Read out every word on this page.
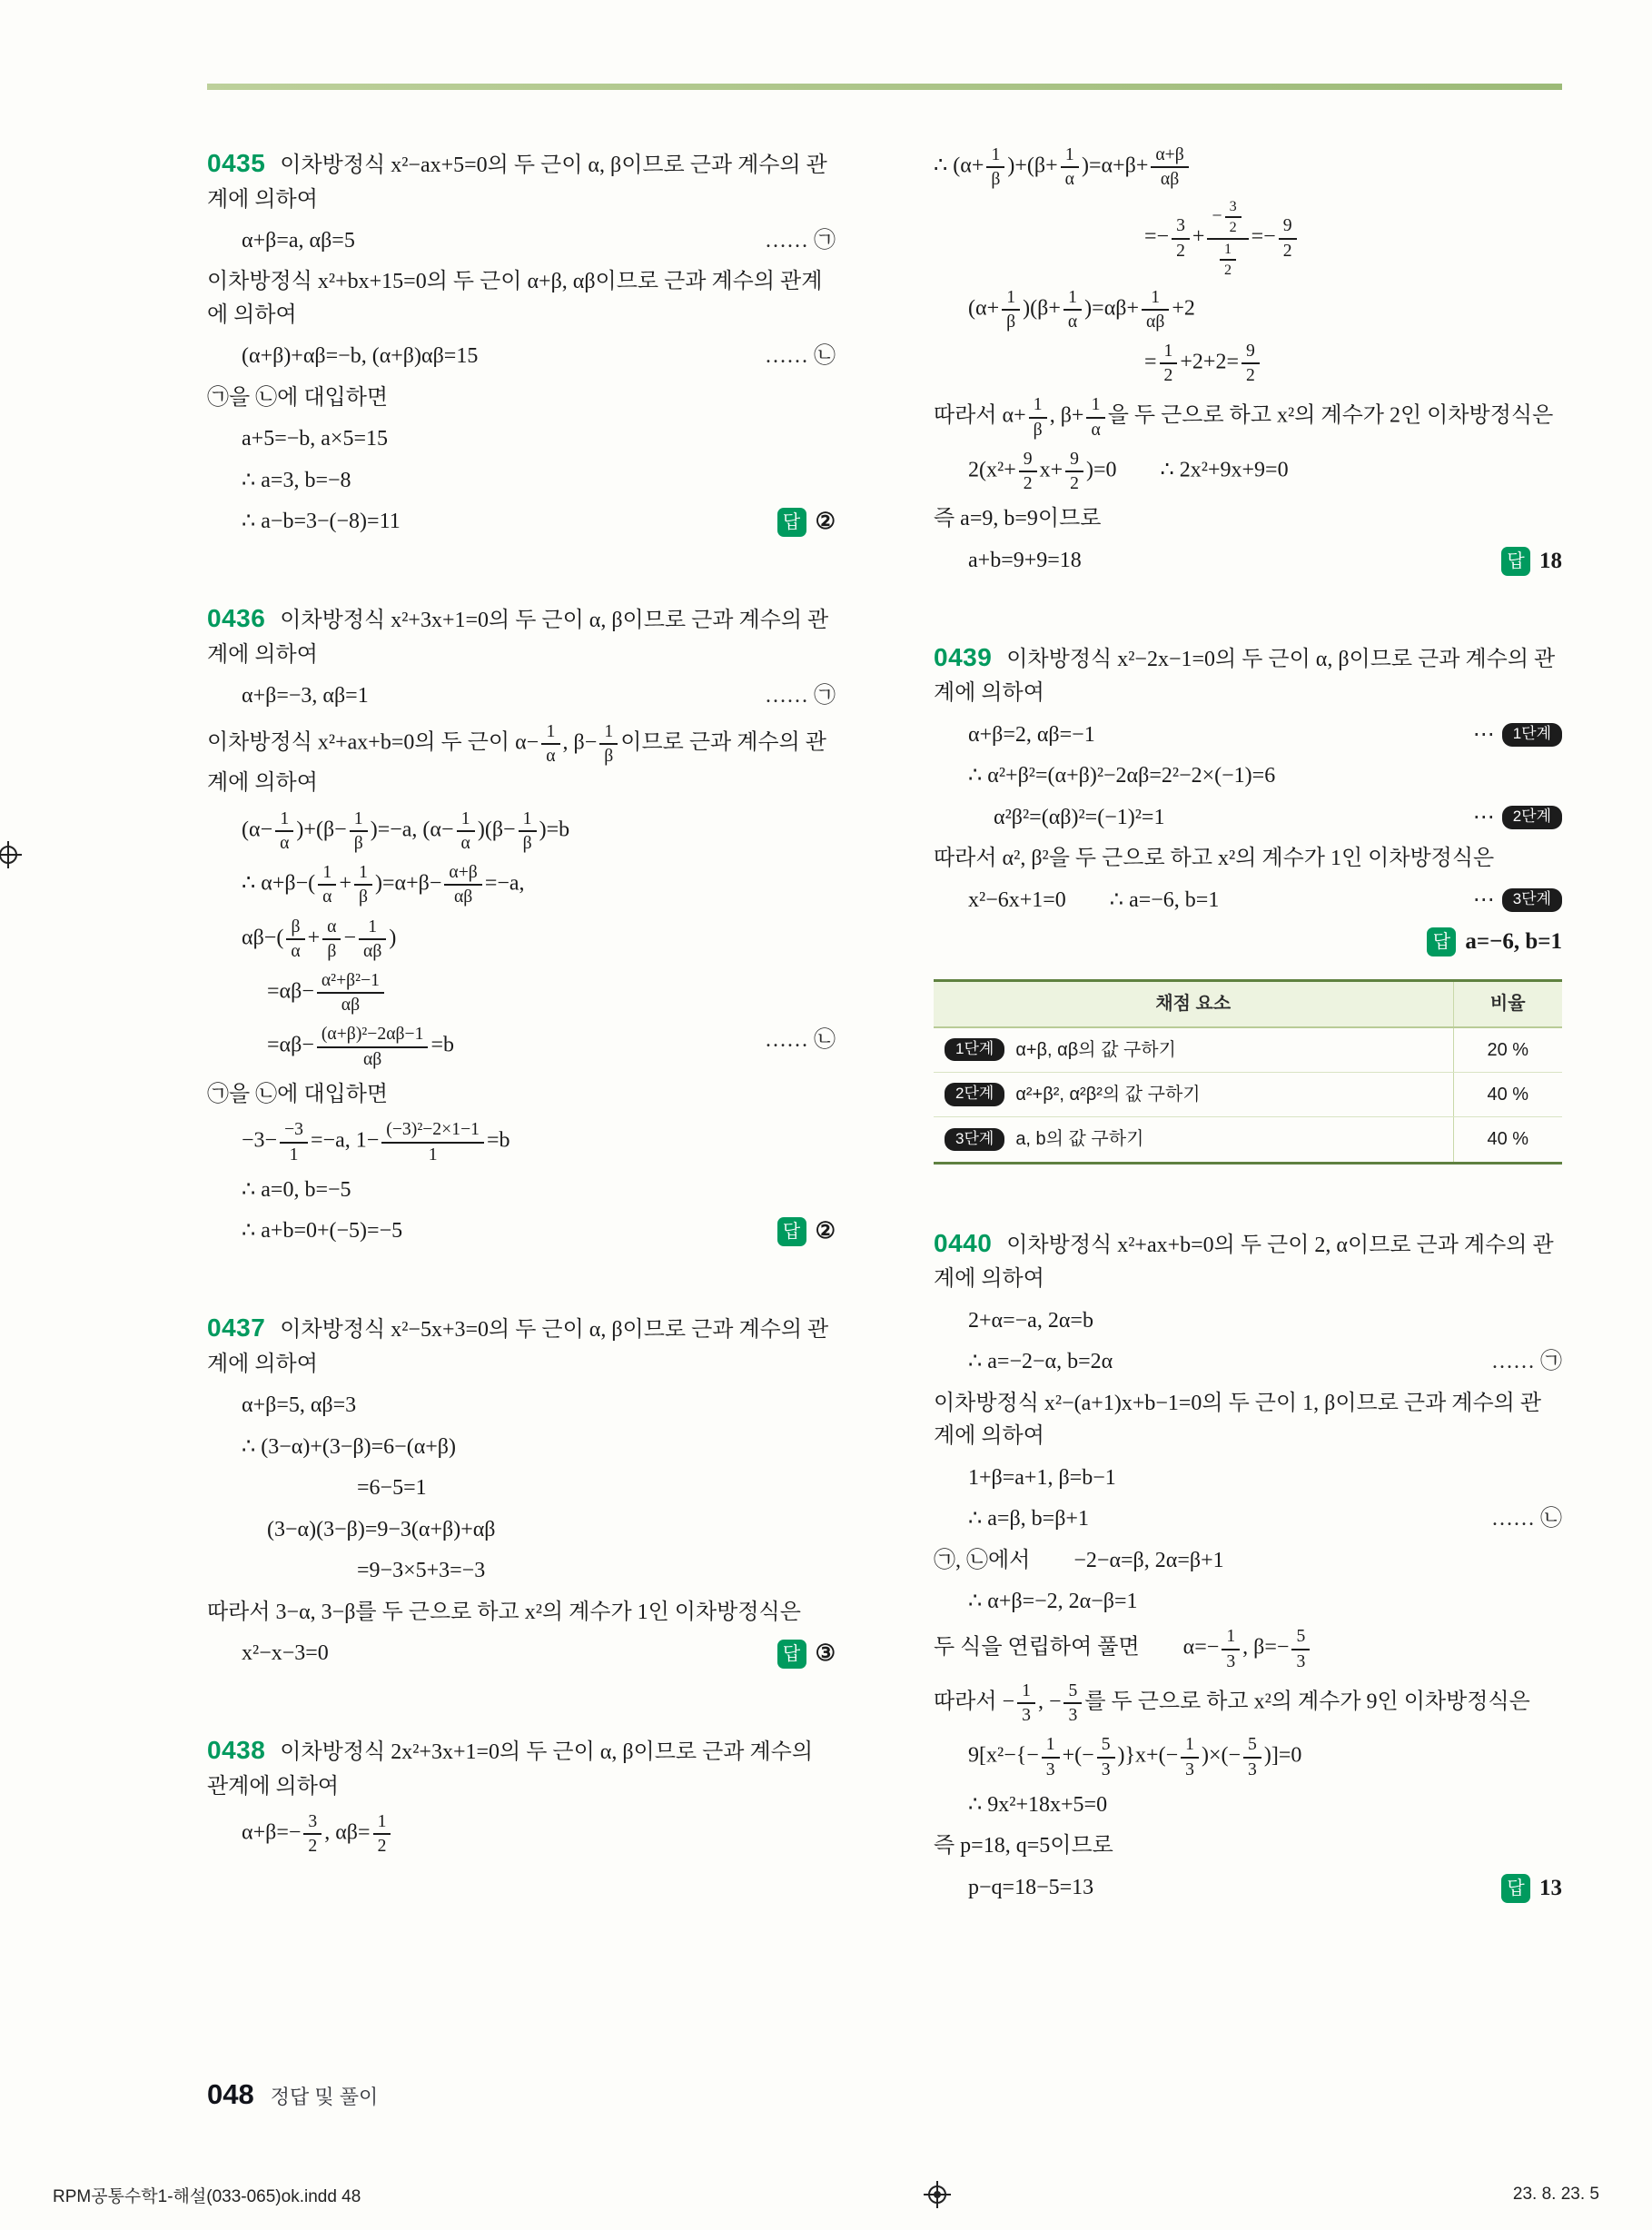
0435 이차방정식 x²−ax+5=0의 두 근이 α, β이므로 근과 계수의 관계에 의하여
α+β=a, αβ=5	…… ㉠
이차방정식 x²+bx+15=0의 두 근이 α+β, αβ이므로 근과 계수의 관계에 의하여
(α+β)+αβ=−b, (α+β)αβ=15	…… ㉡
㉠을 ㉡에 대입하면
a+5=−b, a×5=15
∴ a=3, b=−8
∴ a−b=3−(−8)=11	답 ②
0436 이차방정식 x²+3x+1=0의 두 근이 α, β이므로 근과 계수의 관계에 의하여
α+β=−3, αβ=1	…… ㉠
이차방정식 x²+ax+b=0의 두 근이 $\alpha- \frac{1}{\alpha}$ , $\beta- \frac{1}{\beta}$ 이므로 근과 계수의 관계에 의하여
$(\alpha- \frac{1}{\alpha} )+(\beta- \frac{1}{\beta} )=-a$, $(\alpha- \frac{1}{\alpha} )(\beta- \frac{1}{\beta} )=b$
∴ $\alpha+\beta-( \frac{1}{\alpha} + \frac{1}{\beta} )=\alpha+\beta- \frac{\alpha+\beta}{\alpha\beta} =-a$,
$\alpha\beta-( \frac{\beta}{\alpha} + \frac{\alpha}{\beta} - \frac{1}{\alpha\beta}$ )
$=\alpha\beta- \frac{\text{α²+β²−1}}{\alpha\beta}$
$=\alpha\beta- \frac{\text{(α+β)²−2αβ−1}}{\alpha\beta} =b$	…… ㉡
㉠을 ㉡에 대입하면
$-3- \frac{-3}{1} =-a$, $1- \frac{\text{(−3)²−2×1−1}}{1} =b$
∴ a=0, b=−5
∴ a+b=0+(−5)=−5	답 ②
0437 이차방정식 x²−5x+3=0의 두 근이 α, β이므로 근과 계수의 관계에 의하여
α+β=5, αβ=3
∴ (3−α)+(3−β)=6−(α+β)
=6−5=1
(3−α)(3−β)=9−3(α+β)+αβ
=9−3×5+3=−3
따라서 3−α, 3−β를 두 근으로 하고 x²의 계수가 1인 이차방정식은
x²−x−3=0	답 ③
0438 이차방정식 2x²+3x+1=0의 두 근이 α, β이므로 근과 계수의 관계에 의하여
$\alpha+\beta=- \frac{3}{2}$ , $\alpha\beta= \frac{1}{2}$
∴ $(\alpha+ \frac{1}{\beta} )+(\beta+ \frac{1}{\alpha} )=\alpha+\beta+ \frac{\alpha+\beta}{\alpha\beta}$
=− $\frac{3}{2} + \frac{- \frac{3}{2}}{\frac{1}{2}} =- \frac{9}{2}$
$(\alpha+ \frac{1}{\beta} )(\beta+ \frac{1}{\alpha} )=\alpha\beta+ \frac{1}{\alpha\beta} +2$
= $\frac{1}{2} +2+2= \frac{9}{2}$
따라서 $\alpha+ \frac{1}{\beta}$ , $\beta+ \frac{1}{\alpha}$ 을 두 근으로 하고 x²의 계수가 2인 이차방정식은
$2(x^2+ \frac{9}{2} x+ \frac{9}{2} )=0$  ∴ 2x²+9x+9=0
즉 a=9, b=9이므로
a+b=9+9=18	답 18
0439 이차방정식 x²−2x−1=0의 두 근이 α, β이므로 근과 계수의 관계에 의하여
α+β=2, αβ=−1	⋯	1단계
∴ α²+β²=(α+β)²−2αβ=2²−2×(−1)=6
α²β²=(αβ)²=(−1)²=1	⋯	2단계
따라서 α², β²을 두 근으로 하고 x²의 계수가 1인 이차방정식은
x²−6x+1=0  ∴ a=−6, b=1	⋯	3단계
답 a=−6, b=1
채점 요소	비율

1단계 α+β, αβ의 값 구하기	20 %

2단계 α²+β², α²β²의 값 구하기	40 %

3단계 a, b의 값 구하기	40 %
0440 이차방정식 x²+ax+b=0의 두 근이 2, α이므로 근과 계수의 관계에 의하여
2+α=−a, 2α=b
∴ a=−2−α, b=2α	…… ㉠
이차방정식 x²−(a+1)x+b−1=0의 두 근이 1, β이므로 근과 계수의 관계에 의하여
1+β=a+1, β=b−1
∴ a=β, b=β+1	…… ㉡
㉠, ㉡에서  −2−α=β, 2α=β+1
∴ α+β=−2, 2α−β=1
두 식을 연립하여 풀면  $\alpha=- \frac{1}{3}$ , $\beta=- \frac{5}{3}$
따라서 − $\frac{1}{3}$ , − $\frac{5}{3}$ 를 두 근으로 하고 x²의 계수가 9인 이차방정식은
$9[x^2-\{- \frac{1}{3}$ +(− $\frac{5}{3} )\}x+(- \frac{1}{3}$ )×(− $\frac{5}{3} )]=0$
∴ 9x²+18x+5=0
즉 p=18, q=5이므로
p−q=18−5=13	답 13
048 정답 및 풀이
RPM공통수학1-해설(033-065)ok.indd 48	23. 8. 23. 5
